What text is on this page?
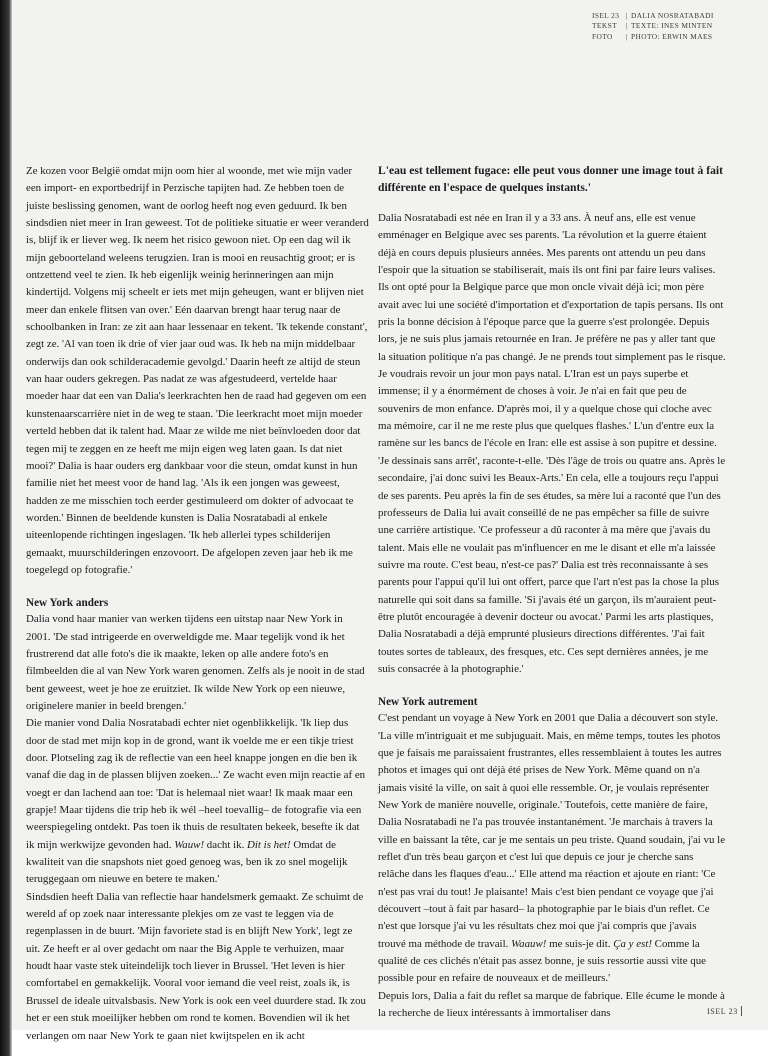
ISEL 23 | DALIA NOSRATABADI
TEKST	| TEXTE: INES MINTEN
FOTO	| PHOTO: ERWIN MAES

Ze kozen voor België omdat mijn oom hier al woonde, met wie mijn vader een import- en exportbedrijf in Perzische tapijten had. Ze hebben toen de juiste beslissing genomen, want de oorlog heeft nog even geduurd. Ik ben sindsdien niet meer in Iran geweest. Tot de politieke situatie er weer veranderd is, blijf ik er liever weg. Ik neem het risico gewoon niet. Op een dag wil ik mijn geboorteland weleens terugzien. Iran is mooi en reusachtig groot; er is ontzettend veel te zien. Ik heb eigenlijk weinig herinneringen aan mijn kindertijd. Volgens mij scheelt er iets met mijn geheugen, want er blijven niet meer dan enkele flitsen van over.' Eén daarvan brengt haar terug naar de schoolbanken in Iran: ze zit aan haar lessenaar en tekent. 'Ik tekende constant', zegt ze. 'Al van toen ik drie of vier jaar oud was. Ik heb na mijn middelbaar onderwijs dan ook schilderacademie gevolgd.' Daarin heeft ze altijd de steun van haar ouders gekregen. Pas nadat ze was afgestudeerd, vertelde haar moeder haar dat een van Dalia's leerkrachten hen de raad had gegeven om een kunstenaarscarrière niet in de weg te staan. 'Die leerkracht moet mijn moeder verteld hebben dat ik talent had. Maar ze wilde me niet beïnvloeden door dat tegen mij te zeggen en ze heeft me mijn eigen weg laten gaan. Is dat niet mooi?' Dalia is haar ouders erg dankbaar voor die steun, omdat kunst in hun familie niet het meest voor de hand lag. 'Als ik een jongen was geweest, hadden ze me misschien toch eerder gestimuleerd om dokter of advocaat te worden.' Binnen de beeldende kunsten is Dalia Nosratabadi al enkele uiteenlopende richtingen ingeslagen. 'Ik heb allerlei types schilderijen gemaakt, muurschilderingen enzovoort. De afgelopen zeven jaar heb ik me toegelegd op fotografie.'

New York anders

Dalia vond haar manier van werken tijdens een uitstap naar New York in 2001. 'De stad intrigeerde en overweldigde me. Maar tegelijk vond ik het frustrerend dat alle foto's die ik maakte, leken op alle andere foto's en filmbeelden die al van New York waren genomen. Zelfs als je nooit in de stad bent geweest, weet je hoe ze eruitziet. Ik wilde New York op een nieuwe, originelere manier in beeld brengen.'

Die manier vond Dalia Nosratabadi echter niet ogenblikkelijk. 'Ik liep dus door de stad met mijn kop in de grond, want ik voelde me er een tikje triest door. Plotseling zag ik de reflectie van een heel knappe jongen en die ben ik vanaf die dag in de plassen blijven zoeken...' Ze wacht even mijn reactie af en voegt er dan lachend aan toe: 'Dat is helemaal niet waar! Ik maak maar een grapje! Maar tijdens die trip heb ik wél –heel toevallig– de fotografie via een weerspiegeling ontdekt. Pas toen ik thuis de resultaten bekeek, besefte ik dat ik mijn werkwijze gevonden had. Wauw! dacht ik. Dit is het! Omdat de kwaliteit van die snapshots niet goed genoeg was, ben ik zo snel mogelijk teruggegaan om nieuwe en betere te maken.'

Sindsdien heeft Dalia van reflectie haar handelsmerk gemaakt. Ze schuimt de wereld af op zoek naar interessante plekjes om ze vast te leggen via de regenplassen in de buurt. 'Mijn favoriete stad is en blijft New York', legt ze uit. Ze heeft er al over gedacht om naar the Big Apple te verhuizen, maar houdt haar vaste stek uiteindelijk toch liever in Brussel. 'Het leven is hier comfortabel en gemakkelijk. Vooral voor iemand die veel reist, zoals ik, is Brussel de ideale uitvalsbasis. New York is ook een veel duurdere stad. Ik zou het er een stuk moeilijker hebben om rond te komen. Bovendien wil ik het verlangen om naar New York te gaan niet kwijtspelen en ik acht

L'eau est tellement fugace: elle peut vous donner une image tout à fait différente en l'espace de quelques instants.'

Dalia Nosratabadi est née en Iran il y a 33 ans. À neuf ans, elle est venue emménager en Belgique avec ses parents. 'La révolution et la guerre étaient déjà en cours depuis plusieurs années. Mes parents ont attendu un peu dans l'espoir que la situation se stabiliserait, mais ils ont fini par faire leurs valises. Ils ont opté pour la Belgique parce que mon oncle vivait déjà ici; mon père avait avec lui une société d'importation et d'exportation de tapis persans. Ils ont pris la bonne décision à l'époque parce que la guerre s'est prolongée. Depuis lors, je ne suis plus jamais retournée en Iran. Je préfère ne pas y aller tant que la situation politique n'a pas changé. Je ne prends tout simplement pas le risque. Je voudrais revoir un jour mon pays natal. L'Iran est un pays superbe et immense; il y a énormément de choses à voir. Je n'ai en fait que peu de souvenirs de mon enfance. D'après moi, il y a quelque chose qui cloche avec ma mémoire, car il ne me reste plus que quelques flashes.' L'un d'entre eux la ramène sur les bancs de l'école en Iran: elle est assise à son pupitre et dessine. 'Je dessinais sans arrêt', raconte-t-elle. 'Dès l'âge de trois ou quatre ans. Après le secondaire, j'ai donc suivi les Beaux-Arts.' En cela, elle a toujours reçu l'appui de ses parents. Peu après la fin de ses études, sa mère lui a raconté que l'un des professeurs de Dalia lui avait conseillé de ne pas empêcher sa fille de suivre une carrière artistique. 'Ce professeur a dû raconter à ma mère que j'avais du talent. Mais elle ne voulait pas m'influencer en me le disant et elle m'a laissée suivre ma route. C'est beau, n'est-ce pas?' Dalia est très reconnaissante à ses parents pour l'appui qu'il lui ont offert, parce que l'art n'est pas la chose la plus naturelle qui soit dans sa famille. 'Si j'avais été un garçon, ils m'auraient peut-être plutôt encouragée à devenir docteur ou avocat.' Parmi les arts plastiques, Dalia Nosratabadi a déjà emprunté plusieurs directions différentes. 'J'ai fait toutes sortes de tableaux, des fresques, etc. Ces sept dernières années, je me suis consacrée à la photographie.'

New York autrement

C'est pendant un voyage à New York en 2001 que Dalia a découvert son style. 'La ville m'intriguait et me subjuguait. Mais, en même temps, toutes les photos que je faisais me paraissaient frustrantes, elles ressemblaient à toutes les autres photos et images qui ont déjà été prises de New York. Même quand on n'a jamais visité la ville, on sait à quoi elle ressemble. Or, je voulais représenter New York de manière nouvelle, originale.' Toutefois, cette manière de faire, Dalia Nosratabadi ne l'a pas trouvée instantanément. 'Je marchais à travers la ville en baissant la tête, car je me sentais un peu triste. Quand soudain, j'ai vu le reflet d'un très beau garçon et c'est lui que depuis ce jour je cherche sans relâche dans les flaques d'eau...' Elle attend ma réaction et ajoute en riant: 'Ce n'est pas vrai du tout! Je plaisante! Mais c'est bien pendant ce voyage que j'ai découvert –tout à fait par hasard– la photographie par le biais d'un reflet. Ce n'est que lorsque j'ai vu les résultats chez moi que j'ai compris que j'avais trouvé ma méthode de travail. Waauw! me suis-je dit. Ça y est! Comme la qualité de ces clichés n'était pas assez bonne, je suis ressortie aussi vite que possible pour en refaire de nouveaux et de meilleurs.'

Depuis lors, Dalia a fait du reflet sa marque de fabrique. Elle écume le monde à la recherche de lieux intéressants à immortaliser dans	ISEL 23
